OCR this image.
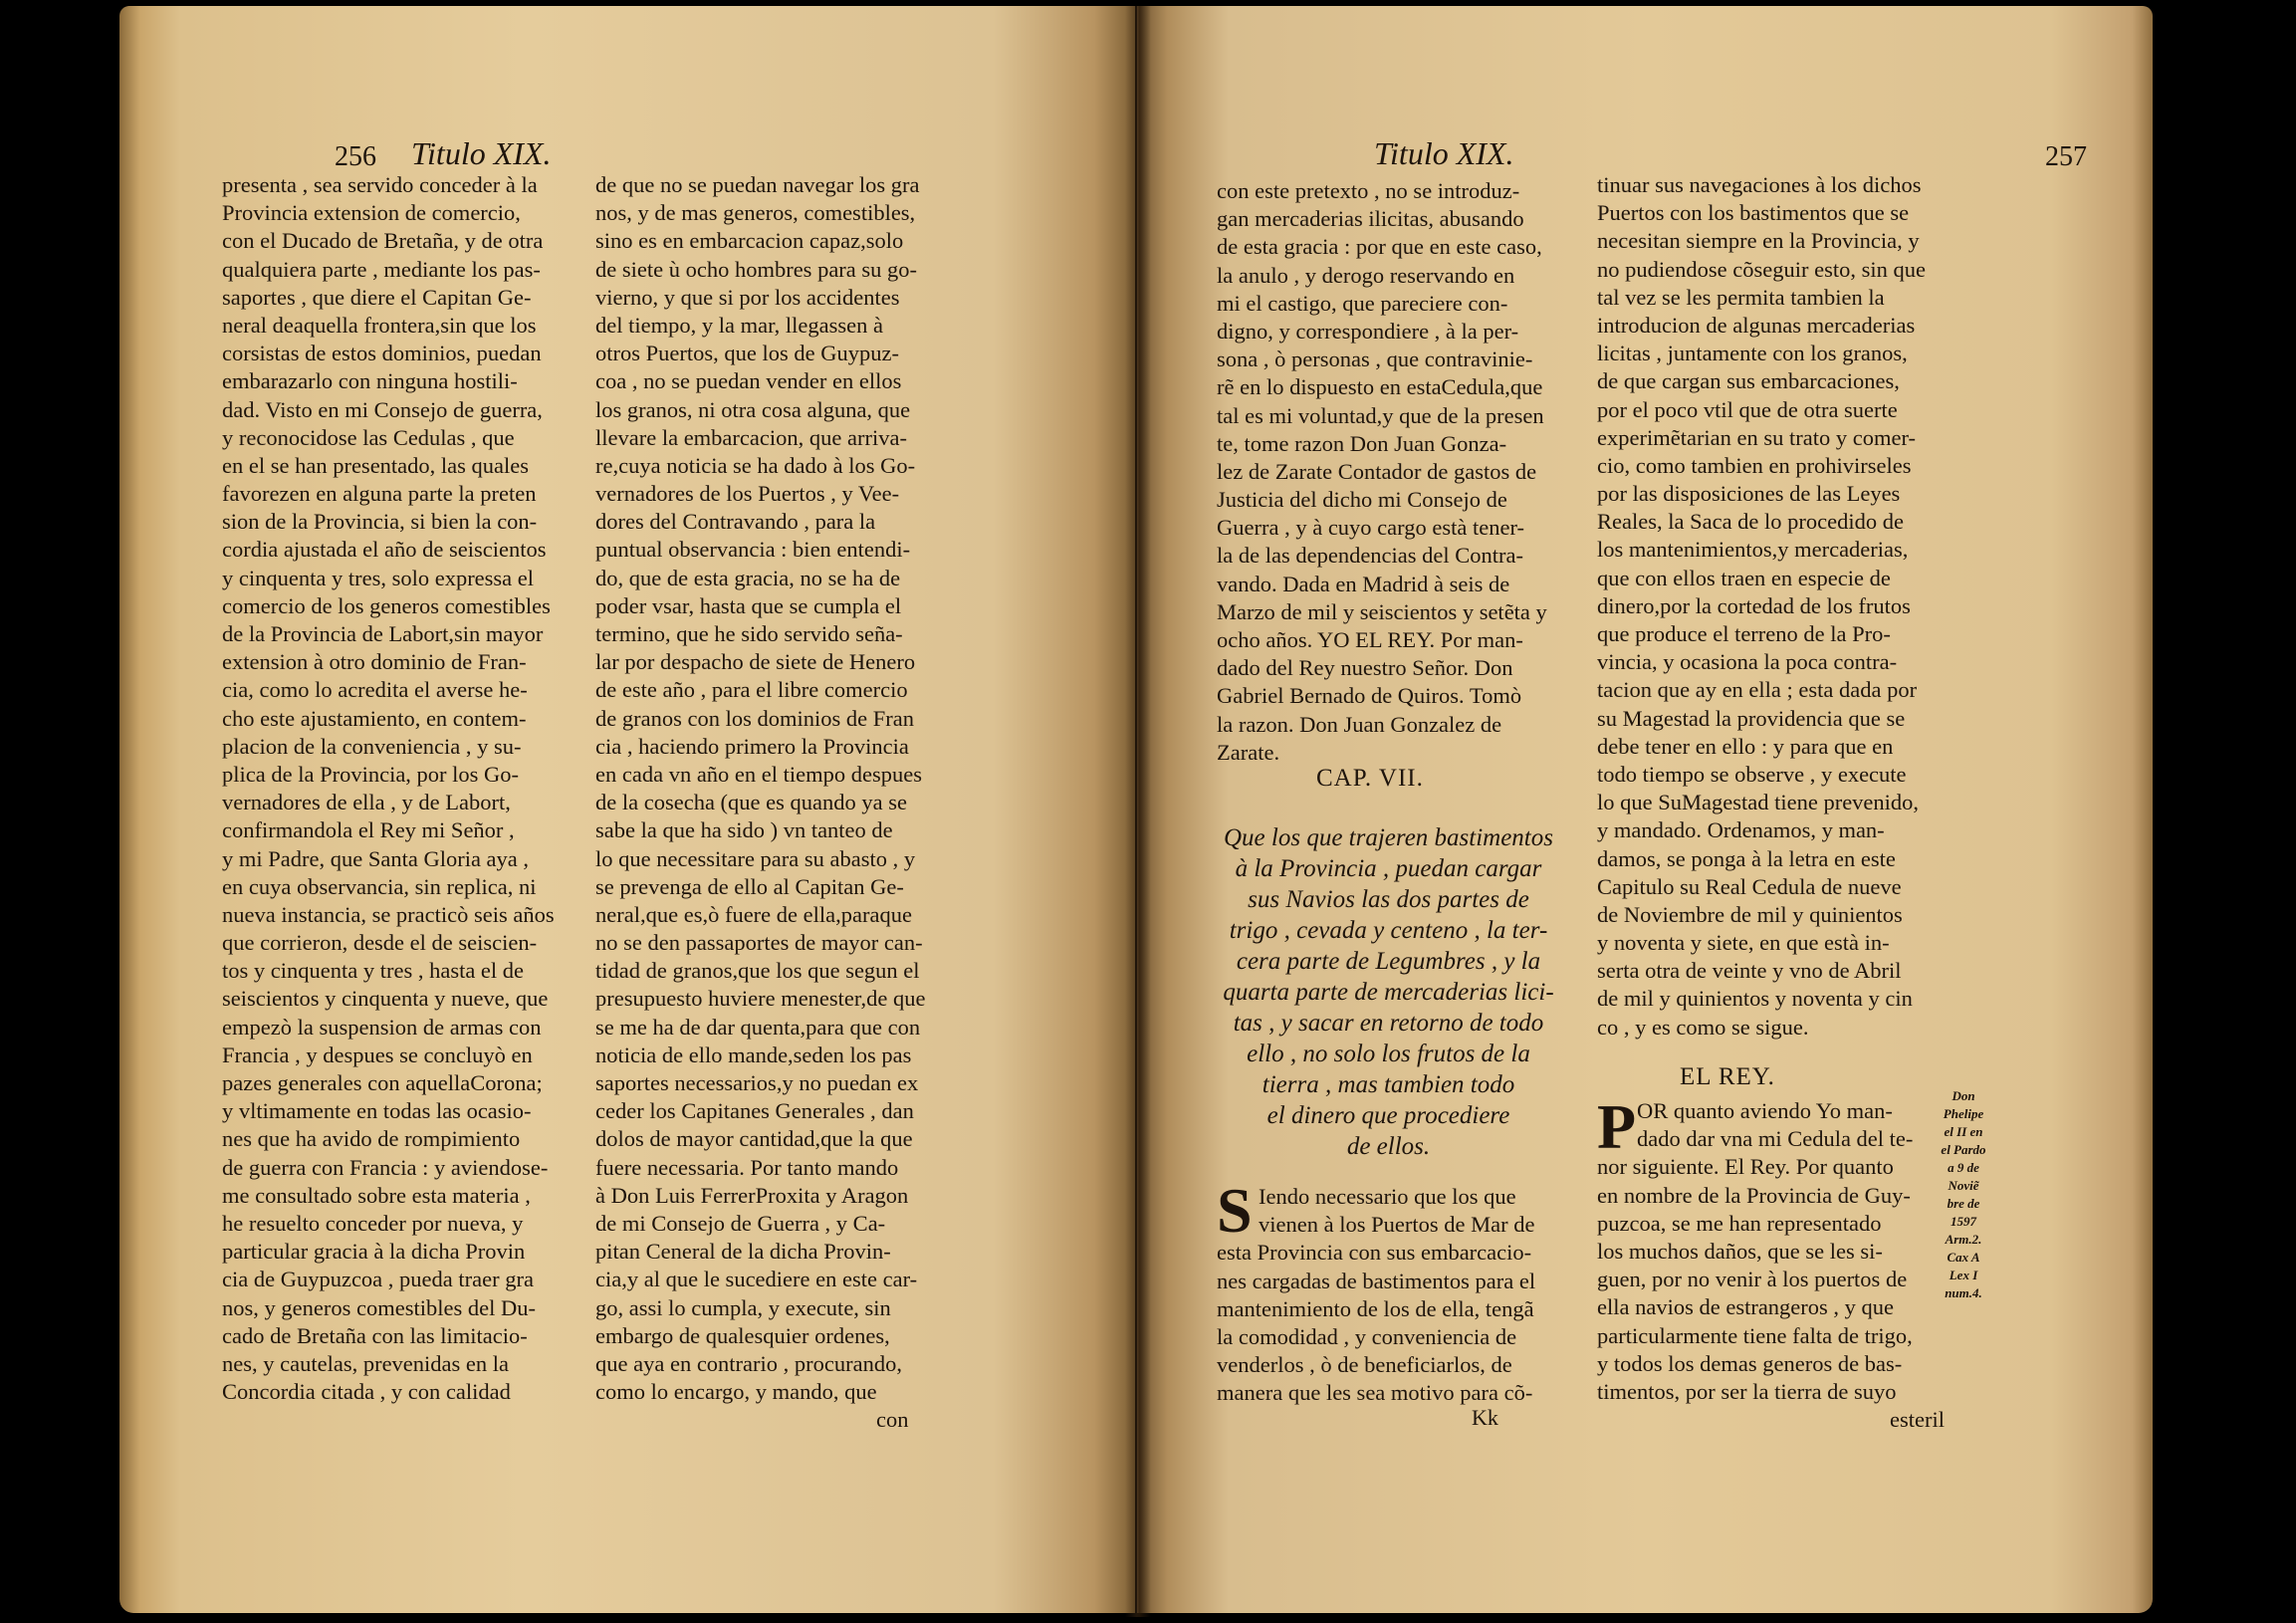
256 Titulo XIX.
presenta , sea servido conceder à la
Provincia extension de comercio,
con el Ducado de Bretaña, y de otra
qualquiera parte , mediante los pas-
saportes , que diere el Capitan Ge-
neral deaquella frontera,sin que los
corsistas de estos dominios, puedan
embarazarlo con ninguna hostili-
dad. Visto en mi Consejo de guerra,
y reconocidose las Cedulas , que
en el se han presentado, las quales
favorezen en alguna parte la preten
sion de la Provincia, si bien la con-
cordia ajustada el año de seiscientos
y cinquenta y tres, solo expressa el
comercio de los generos comestibles
de la Provincia de Labort,sin mayor
extension à otro dominio de Fran-
cia, como lo acredita el averse he-
cho este ajustamiento, en contem-
placion de la conveniencia , y su-
plica de la Provincia, por los Go-
vernadores de ella , y de Labort,
confirmandola el Rey mi Señor ,
y mi Padre, que Santa Gloria aya ,
en cuya observancia, sin replica, ni
nueva instancia, se practicò seis años
que corrieron, desde el de seiscien-
tos y cinquenta y tres , hasta el de
seiscientos y cinquenta y nueve, que
empezò la suspension de armas con
Francia , y despues se concluyò en
pazes generales con aquellaCorona;
y vltimamente en todas las ocasio-
nes que ha avido de rompimiento
de guerra con Francia : y aviendose-
me consultado sobre esta materia ,
he resuelto conceder por nueva, y
particular gracia à la dicha Provin
cia de Guypuzcoa , pueda traer gra
nos, y generos comestibles del Du-
cado de Bretaña con las limitacio-
nes, y cautelas, prevenidas en la
Concordia citada , y con calidad
de que no se puedan navegar los gra
nos, y de mas generos, comestibles,
sino es en embarcacion capaz,solo
de siete ù ocho hombres para su go-
vierno, y que si por los accidentes
del tiempo, y la mar, llegassen à
otros Puertos, que los de Guypuz-
coa , no se puedan vender en ellos
los granos, ni otra cosa alguna, que
llevare la embarcacion, que arriva-
re,cuya noticia se ha dado à los Go-
vernadores de los Puertos , y Vee-
dores del Contravando , para la
puntual observancia : bien entendi-
do, que de esta gracia, no se ha de
poder vsar, hasta que se cumpla el
termino, que he sido servido seña-
lar por despacho de siete de Henero
de este año , para el libre comercio
de granos con los dominios de Fran
cia , haciendo primero la Provincia
en cada vn año en el tiempo despues
de la cosecha (que es quando ya se
sabe la que ha sido ) vn tanteo de
lo que necessitare para su abasto , y
se prevenga de ello al Capitan Ge-
neral,que es,ò fuere de ella,paraque
no se den passaportes de mayor can-
tidad de granos,que los que segun el
presupuesto huviere menester,de que
se me ha de dar quenta,para que con
noticia de ello mande,seden los pas
saportes necessarios,y no puedan ex
ceder los Capitanes Generales , dan
dolos de mayor cantidad,que la que
fuere necessaria. Por tanto mando
à Don Luis FerrerProxita y Aragon
de mi Consejo de Guerra , y Ca-
pitan Ceneral de la dicha Provin-
cia,y al que le sucediere en este car-
go, assi lo cumpla, y execute, sin
embargo de qualesquier ordenes,
que aya en contrario , procurando,
como lo encargo, y mando, que
con
Titulo XIX.	257
con este pretexto , no se introduz-
gan mercaderias ilicitas, abusando
de esta gracia : por que en este caso,
la anulo , y derogo reservando en
mi el castigo, que pareciere con-
digno, y correspondiere , à la per-
sona , ò personas , que contravinie-
rẽ en lo dispuesto en estaCedula,que
tal es mi voluntad,y que de la presen
te, tome razon Don Juan Gonza-
lez de Zarate Contador de gastos de
Justicia del dicho mi Consejo de
Guerra , y à cuyo cargo està tener-
la de las dependencias del Contra-
vando. Dada en Madrid à seis de
Marzo de mil y seiscientos y setẽta y
ocho años. YO EL REY. Por man-
dado del Rey nuestro Señor. Don
Gabriel Bernado de Quiros. Tomò
la razon. Don Juan Gonzalez de
Zarate.
CAP. VII.
Que los que trajeren bastimentos
à la Provincia , puedan cargar
sus Navios las dos partes de
trigo , cevada y centeno , la ter-
cera parte de Legumbres , y la
quarta parte de mercaderias lici-
tas , y sacar en retorno de todo
ello , no solo los frutos de la
tierra , mas tambien todo
el dinero que procediere
de ellos.
S Iendo necessario que los que
vienen à los Puertos de Mar de
esta Provincia con sus embarcacio-
nes cargadas de bastimentos para el
mantenimiento de los de ella, tengã
la comodidad , y conveniencia de
venderlos , ò de beneficiarlos, de
manera que les sea motivo para cõ-
tinuar sus navegaciones à los dichos
Puertos con los bastimentos que se
necesitan siempre en la Provincia, y
no pudiendose cõseguir esto, sin que
tal vez se les permita tambien la
introducion de algunas mercaderias
licitas , juntamente con los granos,
de que cargan sus embarcaciones,
por el poco vtil que de otra suerte
experimẽtarian en su trato y comer-
cio, como tambien en prohivirseles
por las disposiciones de las Leyes
Reales, la Saca de lo procedido de
los mantenimientos,y mercaderias,
que con ellos traen en especie de
dinero,por la cortedad de los frutos
que produce el terreno de la Pro-
vincia, y ocasiona la poca contra-
tacion que ay en ella ; esta dada por
su Magestad la providencia que se
debe tener en ello : y para que en
todo tiempo se observe , y execute
lo que SuMagestad tiene prevenido,
y mandado. Ordenamos, y man-
damos, se ponga à la letra en este
Capitulo su Real Cedula de nueve
de Noviembre de mil y quinientos
y noventa y siete, en que està in-
serta otra de veinte y vno de Abril
de mil y quinientos y noventa y cin
co , y es como se sigue.
EL REY.
P OR quanto aviendo Yo man-
dado dar vna mi Cedula del te-
nor siguiente. El Rey. Por quanto
en nombre de la Provincia de Guy-
puzcoa, se me han representado
los muchos daños, que se les si-
guen, por no venir à los puertos de
ella navios de estrangeros , y que
particularmente tiene falta de trigo,
y todos los demas generos de bas-
timentos, por ser la tierra de suyo
Don
Phelipe
el II en
el Pardo
a 9 de
Noviẽ
bre de
1597
Arm.2.
Cax A
Lex I
num.4.
Kk	esteril
